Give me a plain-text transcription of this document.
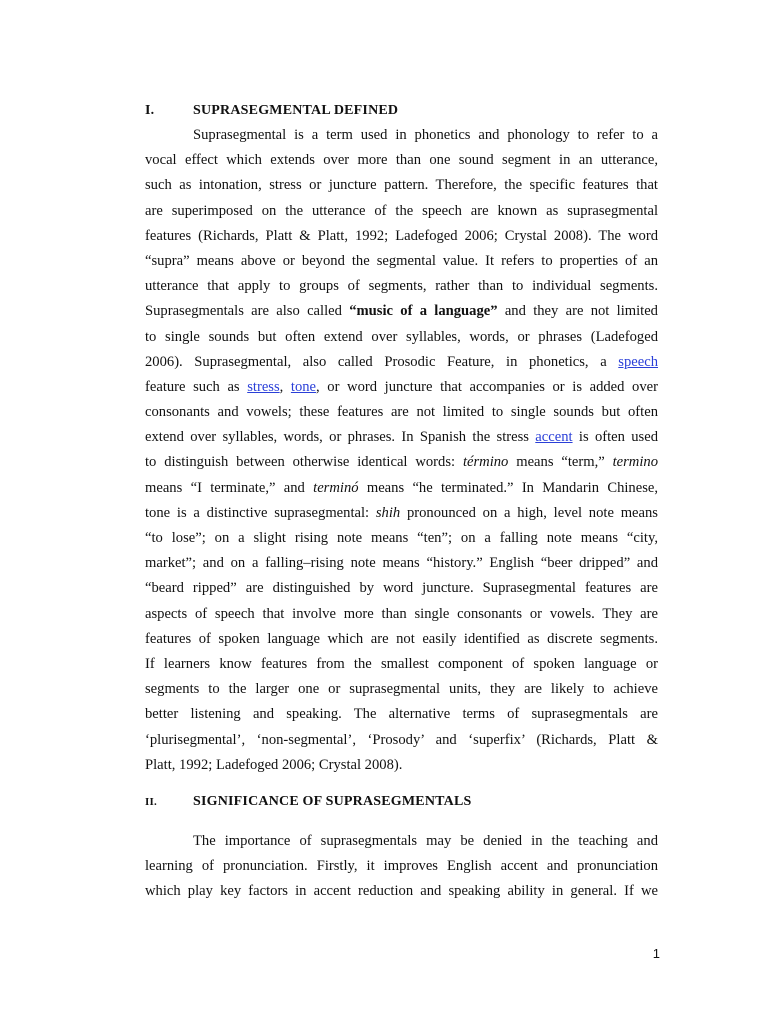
I.	SUPRASEGMENTAL DEFINED
Suprasegmental is a term used in phonetics and phonology to refer to a
vocal effect which extends over more than one sound segment in an utterance,
such as intonation, stress or juncture pattern. Therefore, the specific features that
are superimposed on the utterance of the speech are known as suprasegmental
features (Richards, Platt & Platt, 1992; Ladefoged 2006; Crystal 2008). The word
“supra” means above or beyond the segmental value. It refers to properties of an
utterance that apply to groups of segments, rather than to individual segments.
Suprasegmentals are also called “music of a language” and they are not limited
to single sounds but often extend over syllables, words, or phrases (Ladefoged
2006). Suprasegmental, also called Prosodic Feature, in phonetics, a speech
feature such as stress, tone, or word juncture that accompanies or is added over
consonants and vowels; these features are not limited to single sounds but often
extend over syllables, words, or phrases. In Spanish the stress accent is often used
to distinguish between otherwise identical words: término means “term,” termino
means “I terminate,” and terminó means “he terminated.” In Mandarin Chinese,
tone is a distinctive suprasegmental: shih pronounced on a high, level note means
“to lose”; on a slight rising note means “ten”; on a falling note means “city,
market”; and on a falling–rising note means “history.” English “beer dripped” and
“beard ripped” are distinguished by word juncture. Suprasegmental features are
aspects of speech that involve more than single consonants or vowels. They are
features of spoken language which are not easily identified as discrete segments.
If learners know features from the smallest component of spoken language or
segments to the larger one or suprasegmental units, they are likely to achieve
better listening and speaking. The alternative terms of suprasegmentals are
‘plurisegmental’, ‘non-segmental’, ‘Prosody’ and ‘superfix’ (Richards, Platt &
Platt, 1992; Ladefoged 2006; Crystal 2008).
II.	SIGNIFICANCE OF SUPRASEGMENTALS
The importance of suprasegmentals may be denied in the teaching and
learning of pronunciation. Firstly, it improves English accent and pronunciation
which play key factors in accent reduction and speaking ability in general. If we
1
